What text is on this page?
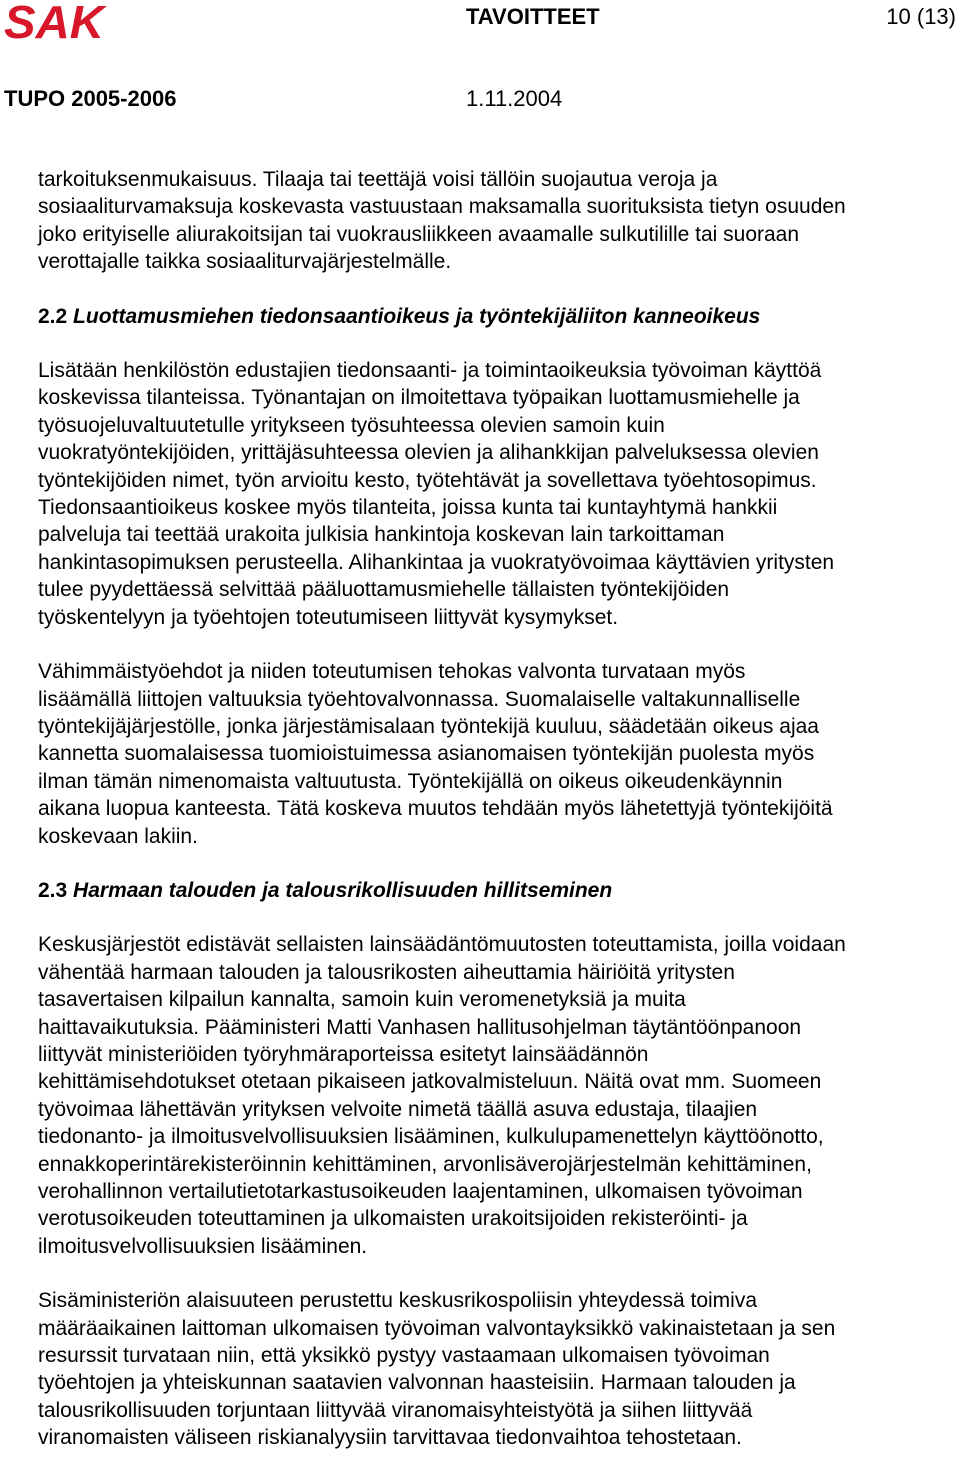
SAK	TAVOITTEET	10 (13)
TUPO 2005-2006	1.11.2004
tarkoituksenmukaisuus. Tilaaja tai teettäjä voisi tällöin suojautua veroja ja
sosiaaliturvamaksuja koskevasta vastuustaan maksamalla suorituksista tietyn osuuden
joko erityiselle aliurakoitsijan tai vuokrausliikkeen avaamalle sulkutilille tai suoraan
verottajalle taikka sosiaaliturvajärjestelmälle.
2.2 Luottamusmiehen tiedonsaantioikeus ja työntekijäliiton kanneoikeus
Lisätään henkilöstön edustajien tiedonsaanti- ja toimintaoikeuksia työvoiman käyttöä
koskevissa tilanteissa. Työnantajan on ilmoitettava työpaikan luottamusmiehelle ja
työsuojeluvaltuutetulle yritykseen työsuhteessa olevien samoin kuin
vuokratyöntekijöiden, yrittäjäsuhteessa olevien ja alihankkijan palveluksessa olevien
työntekijöiden nimet, työn arvioitu kesto, työtehtävät ja sovellettava työehtosopimus.
Tiedonsaantioikeus koskee myös tilanteita, joissa kunta tai kuntayhtymä hankkii
palveluja tai teettää urakoita julkisia hankintoja koskevan lain tarkoittaman
hankintasopimuksen perusteella. Alihankintaa ja vuokratyövoimaa käyttävien yritysten
tulee pyydettäessä selvittää pääluottamusmiehelle tällaisten työntekijöiden
työskentelyyn ja työehtojen toteutumiseen liittyvät kysymykset.
Vähimmäistyöehdot ja niiden toteutumisen tehokas valvonta turvataan myös
lisäämällä liittojen valtuuksia työehtovalvonnassa. Suomalaiselle valtakunnalliselle
työntekijäjärjestölle, jonka järjestämisalaan työntekijä kuuluu, säädetään oikeus ajaa
kannetta suomalaisessa tuomioistuimessa asianomaisen työntekijän puolesta myös
ilman tämän nimenomaista valtuutusta. Työntekijällä on oikeus oikeudenkäynnin
aikana luopua kanteesta. Tätä koskeva muutos tehdään myös lähetettyjä työntekijöitä
koskevaan lakiin.
2.3 Harmaan talouden ja talousrikollisuuden hillitseminen
Keskusjärjestöt edistävät sellaisten lainsäädäntömuutosten toteuttamista, joilla voidaan
vähentää harmaan talouden ja talousrikosten aiheuttamia häiriöitä yritysten
tasavertaisen kilpailun kannalta, samoin kuin veromenetyksiä ja muita
haittavaikutuksia. Pääministeri Matti Vanhasen hallitusohjelman täytäntöönpanoon
liittyvät ministeriöiden työryhmäraporteissa esitetyt lainsäädännön
kehittämisehdotukset otetaan pikaiseen jatkovalmisteluun. Näitä ovat mm. Suomeen
työvoimaa lähettävän yrityksen velvoite nimetä täällä asuva edustaja, tilaajien
tiedonanto- ja ilmoitusvelvollisuuksien lisääminen, kulkulupamenettelyn käyttöönotto,
ennakkoperintärekisteröinnin kehittäminen, arvonlisäverojärjestelmän kehittäminen,
verohallinnon vertailutietotarkastusoikeuden laajentaminen, ulkomaisen työvoiman
verotusoikeuden toteuttaminen ja ulkomaisten urakoitsijoiden rekisteröinti- ja
ilmoitusvelvollisuuksien lisääminen.
Sisäministeriön alaisuuteen perustettu keskusrikospoliisin yhteydessä toimiva
määräaikainen laittoman ulkomaisen työvoiman valvontayksikkö vakinaistetaan ja sen
resurssit turvataan niin, että yksikkö pystyy vastaamaan ulkomaisen työvoiman
työehtojen ja yhteiskunnan saatavien valvonnan haasteisiin. Harmaan talouden ja
talousrikollisuuden torjuntaan liittyvää viranomaisyhteistyötä ja siihen liittyvää
viranomaisten väliseen riskianalyysiin tarvittavaa tiedonvaihtoa tehostetaan.
